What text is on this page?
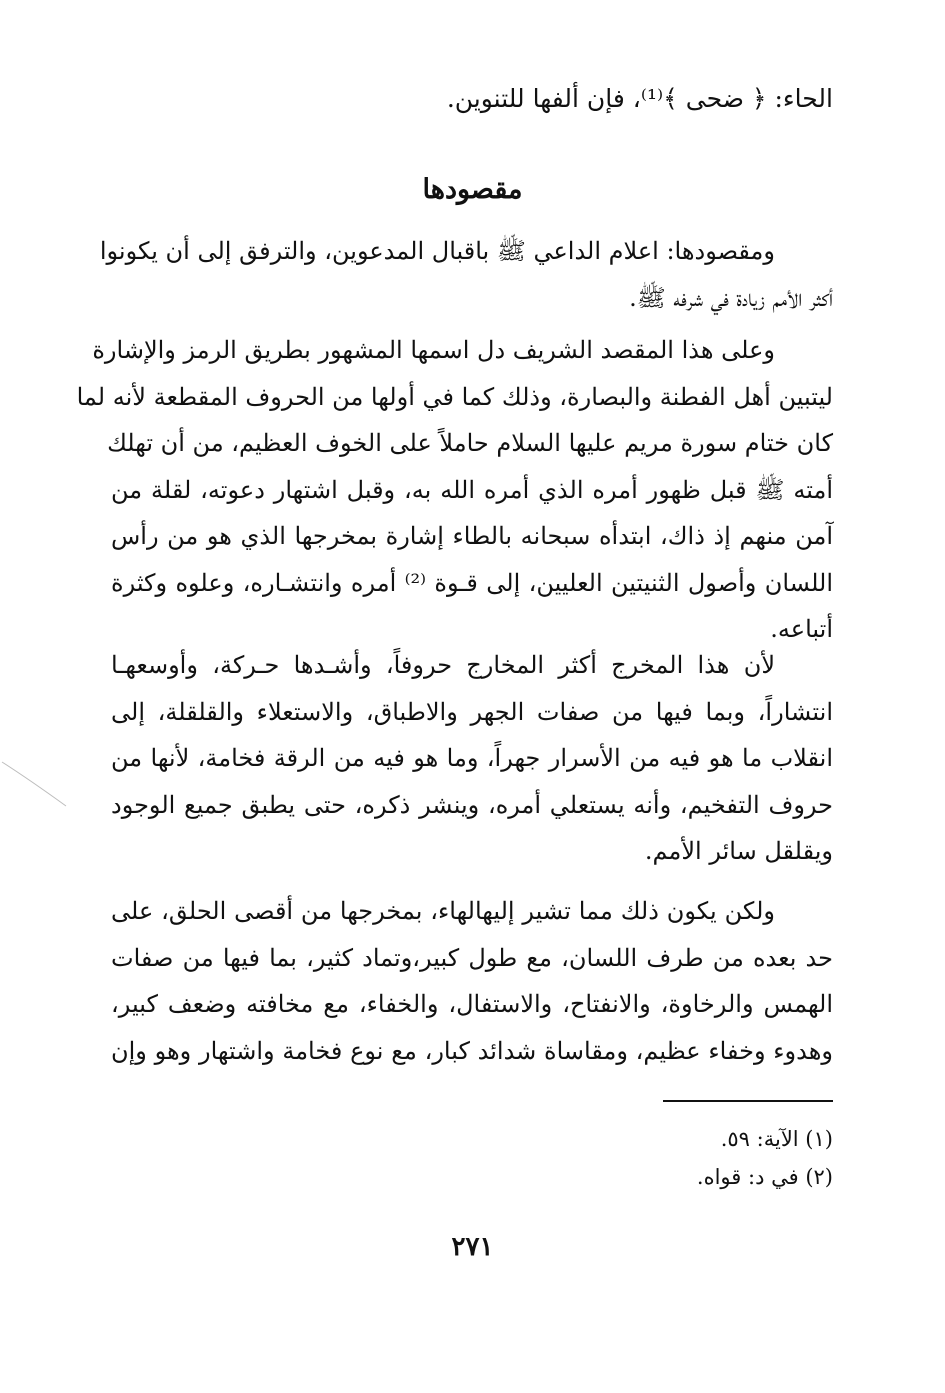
الحاء: ﴿ ضحى ﴾⁽¹⁾، فإن ألفها للتنوين.
مقصودها
ومقصودها: اعلام الداعي ﷺ باقبال المدعوين، والترفق إلى أن يكونوا
أكثر الأمم زيادة في شرفه ﷺ.
وعلى هذا المقصد الشريف دل اسمها المشهور بطريق الرمز والإشارة
ليتبين أهل الفطنة والبصارة، وذلك كما في أولها من الحروف المقطعة لأنه لما
كان ختام سورة مريم عليها السلام حاملاً على الخوف العظيم، من أن تهلك
أمته ﷺ قبل ظهور أمره الذي أمره الله به، وقبل اشتهار دعوته، لقلة من
آمن منهم إذ ذاك، ابتدأه سبحانه بالطاء إشارة بمخرجها الذي هو من رأس
اللسان وأصول الثنيتين العليين، إلى قـوة ⁽²⁾ أمره وانتشـاره، وعلوه وكثرة
أتباعه.
لأن هذا المخرج أكثر المخارج حروفاً، وأشـدها حـركة، وأوسعهـا
انتشاراً، وبما فيها من صفات الجهر والاطباق، والاستعلاء والقلقلة، إلى
انقلاب ما هو فيه من الأسرار جهراً، وما هو فيه من الرقة فخامة، لأنها من
حروف التفخيم، وأنه يستعلي أمره، وينشر ذكره، حتى يطبق جميع الوجود
ويقلقل سائر الأمم.
ولكن يكون ذلك مما تشير إليهالهاء، بمخرجها من أقصى الحلق، على
حد بعده من طرف اللسان، مع طول كبير،وتماد كثير، بما فيها من صفات
الهمس والرخاوة، والانفتاح، والاستفال، والخفاء، مع مخافته وضعف كبير،
وهدوء وخفاء عظيم، ومقاساة شدائد كبار، مع نوع فخامة واشتهار وهو وإن
(١) الآية: ٥٩.
(٢) في د: قواه.
٢٧١
